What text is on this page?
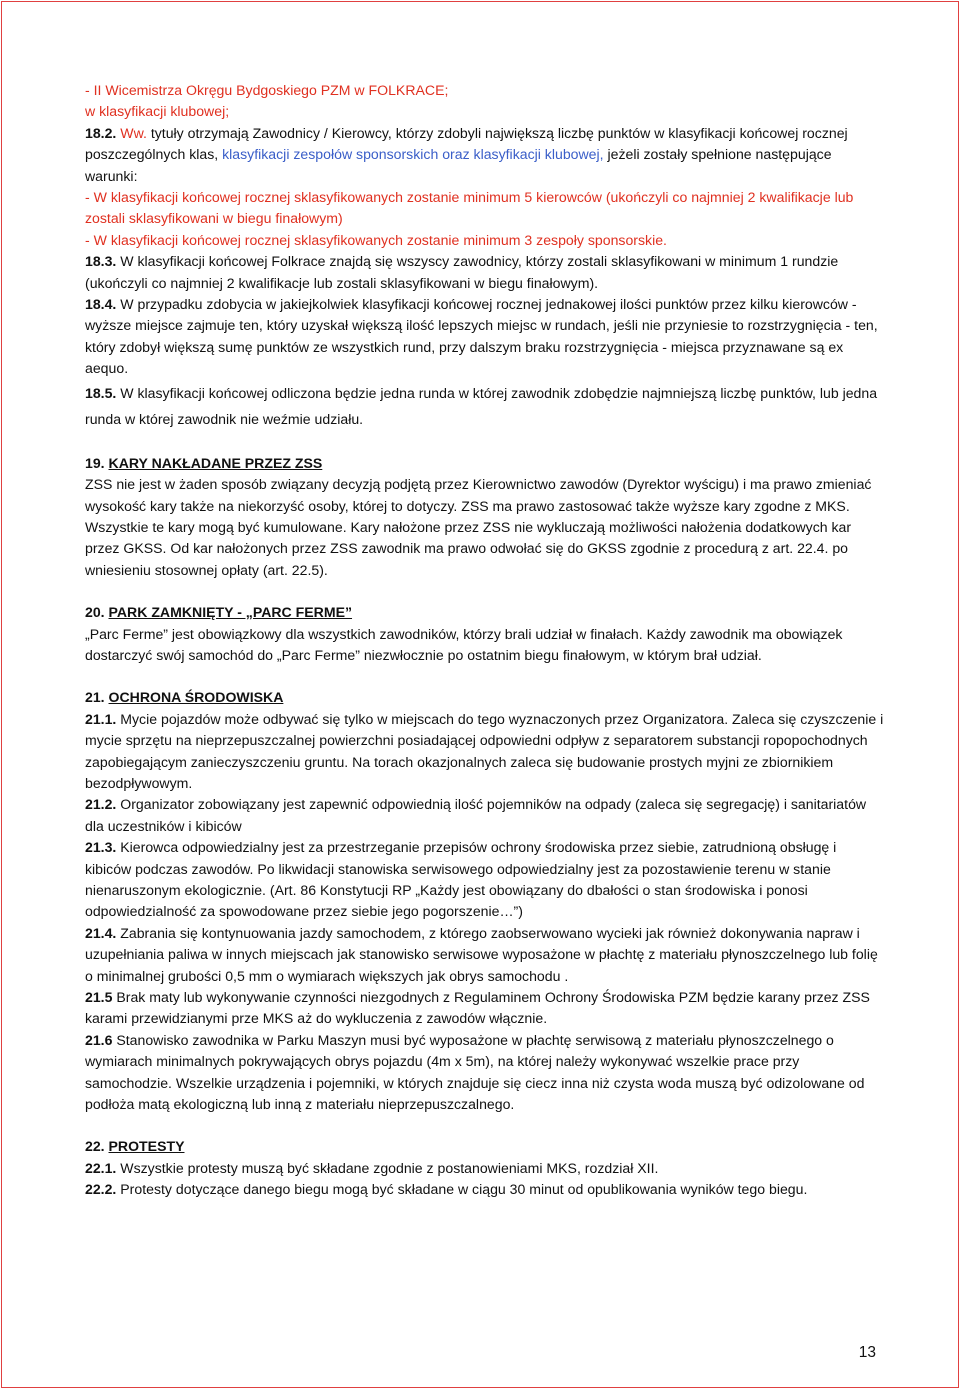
- II Wicemistrza Okręgu Bydgoskiego PZM w FOLKRACE;

w klasyfikacji klubowej;

18.2. Ww. tytuły otrzymają Zawodnicy / Kierowcy, którzy zdobyli największą liczbę punktów w klasyfikacji końcowej rocznej poszczególnych klas, klasyfikacji zespołów sponsorskich oraz klasyfikacji klubowej, jeżeli zostały spełnione następujące warunki:

- W klasyfikacji końcowej rocznej sklasyfikowanych zostanie minimum 5 kierowców (ukończyli co najmniej 2 kwalifikacje lub zostali sklasyfikowani w biegu finałowym)

- W klasyfikacji końcowej rocznej sklasyfikowanych zostanie minimum 3 zespoły sponsorskie.

18.3. W klasyfikacji końcowej Folkrace znajdą się wszyscy zawodnicy, którzy zostali sklasyfikowani w minimum 1 rundzie (ukończyli co najmniej 2 kwalifikacje lub zostali sklasyfikowani w biegu finałowym).

18.4. W przypadku zdobycia w jakiejkolwiek klasyfikacji końcowej rocznej jednakowej ilości punktów przez kilku kierowców - wyższe miejsce zajmuje ten, który uzyskał większą ilość lepszych miejsc w rundach, jeśli nie przyniesie to rozstrzygnięcia - ten, który zdobył większą sumę punktów ze wszystkich rund, przy dalszym braku rozstrzygnięcia - miejsca przyznawane są ex aequo.

18.5. W klasyfikacji końcowej odliczona będzie jedna runda w której zawodnik zdobędzie najmniejszą liczbę punktów, lub jedna runda w której zawodnik nie weźmie udziału.

19. KARY NAKŁADANE PRZEZ ZSS

ZSS nie jest w żaden sposób związany decyzją podjętą przez Kierownictwo zawodów (Dyrektor wyścigu) i ma prawo zmieniać wysokość kary także na niekorzyść osoby, której to dotyczy. ZSS ma prawo zastosować także wyższe kary zgodne z MKS.

Wszystkie te kary mogą być kumulowane. Kary nałożone przez ZSS nie wykluczają możliwości nałożenia dodatkowych kar przez GKSS. Od kar nałożonych przez ZSS zawodnik ma prawo odwołać się do GKSS zgodnie z procedurą z art. 22.4. po wniesieniu stosownej opłaty (art. 22.5).

20. PARK ZAMKNIĘTY - „PARC FERME”

„Parc Ferme” jest obowiązkowy dla wszystkich zawodników, którzy brali udział w finałach. Każdy zawodnik ma obowiązek dostarczyć swój samochód do „Parc Ferme” niezwłocznie po ostatnim biegu finałowym, w którym brał udział.

21. OCHRONA ŚRODOWISKA

21.1. Mycie pojazdów może odbywać się tylko w miejscach do tego wyznaczonych przez Organizatora. Zaleca się czyszczenie i mycie sprzętu na nieprzepuszczalnej powierzchni posiadającej odpowiedni odpływ z separatorem substancji ropopochodnych zapobiegającym zanieczyszczeniu gruntu. Na torach okazjonalnych zaleca się budowanie prostych myjni ze zbiornikiem bezodpływowym.

21.2. Organizator zobowiązany jest zapewnić odpowiednią ilość pojemników na odpady (zaleca się segregację) i sanitariatów dla uczestników i kibiców

21.3. Kierowca odpowiedzialny jest za przestrzeganie przepisów ochrony środowiska przez siebie, zatrudnioną obsługę i kibiców podczas zawodów. Po likwidacji stanowiska serwisowego odpowiedzialny jest za pozostawienie terenu w stanie nienaruszonym ekologicznie. (Art. 86 Konstytucji RP „Każdy jest obowiązany do dbałości o stan środowiska i ponosi odpowiedzialność za spowodowane przez siebie jego pogorszenie…”)

21.4. Zabrania się kontynuowania jazdy samochodem, z którego zaobserwowano wycieki jak również dokonywania napraw i uzupełniania paliwa w innych miejscach jak stanowisko serwisowe wyposażone w płachtę z materiału płynoszczelnego lub folię o minimalnej grubości 0,5 mm o wymiarach większych jak obrys samochodu .

21.5 Brak maty lub wykonywanie czynności niezgodnych z Regulaminem Ochrony Środowiska PZM będzie karany przez ZSS karami przewidzianymi prze MKS aż do wykluczenia z zawodów włącznie.

21.6 Stanowisko zawodnika w Parku Maszyn musi być wyposażone w płachtę serwisową z materiału płynoszczelnego o wymiarach minimalnych pokrywających obrys pojazdu (4m x 5m), na której należy wykonywać wszelkie prace przy samochodzie. Wszelkie urządzenia i pojemniki, w których znajduje się ciecz inna niż czysta woda muszą być odizolowane od podłoża matą ekologiczną lub inną z materiału nieprzepuszczalnego.

22. PROTESTY

22.1. Wszystkie protesty muszą być składane zgodnie z postanowieniami MKS, rozdział XII.

22.2. Protesty dotyczące danego biegu mogą być składane w ciągu 30 minut od opublikowania wyników tego biegu.

13
